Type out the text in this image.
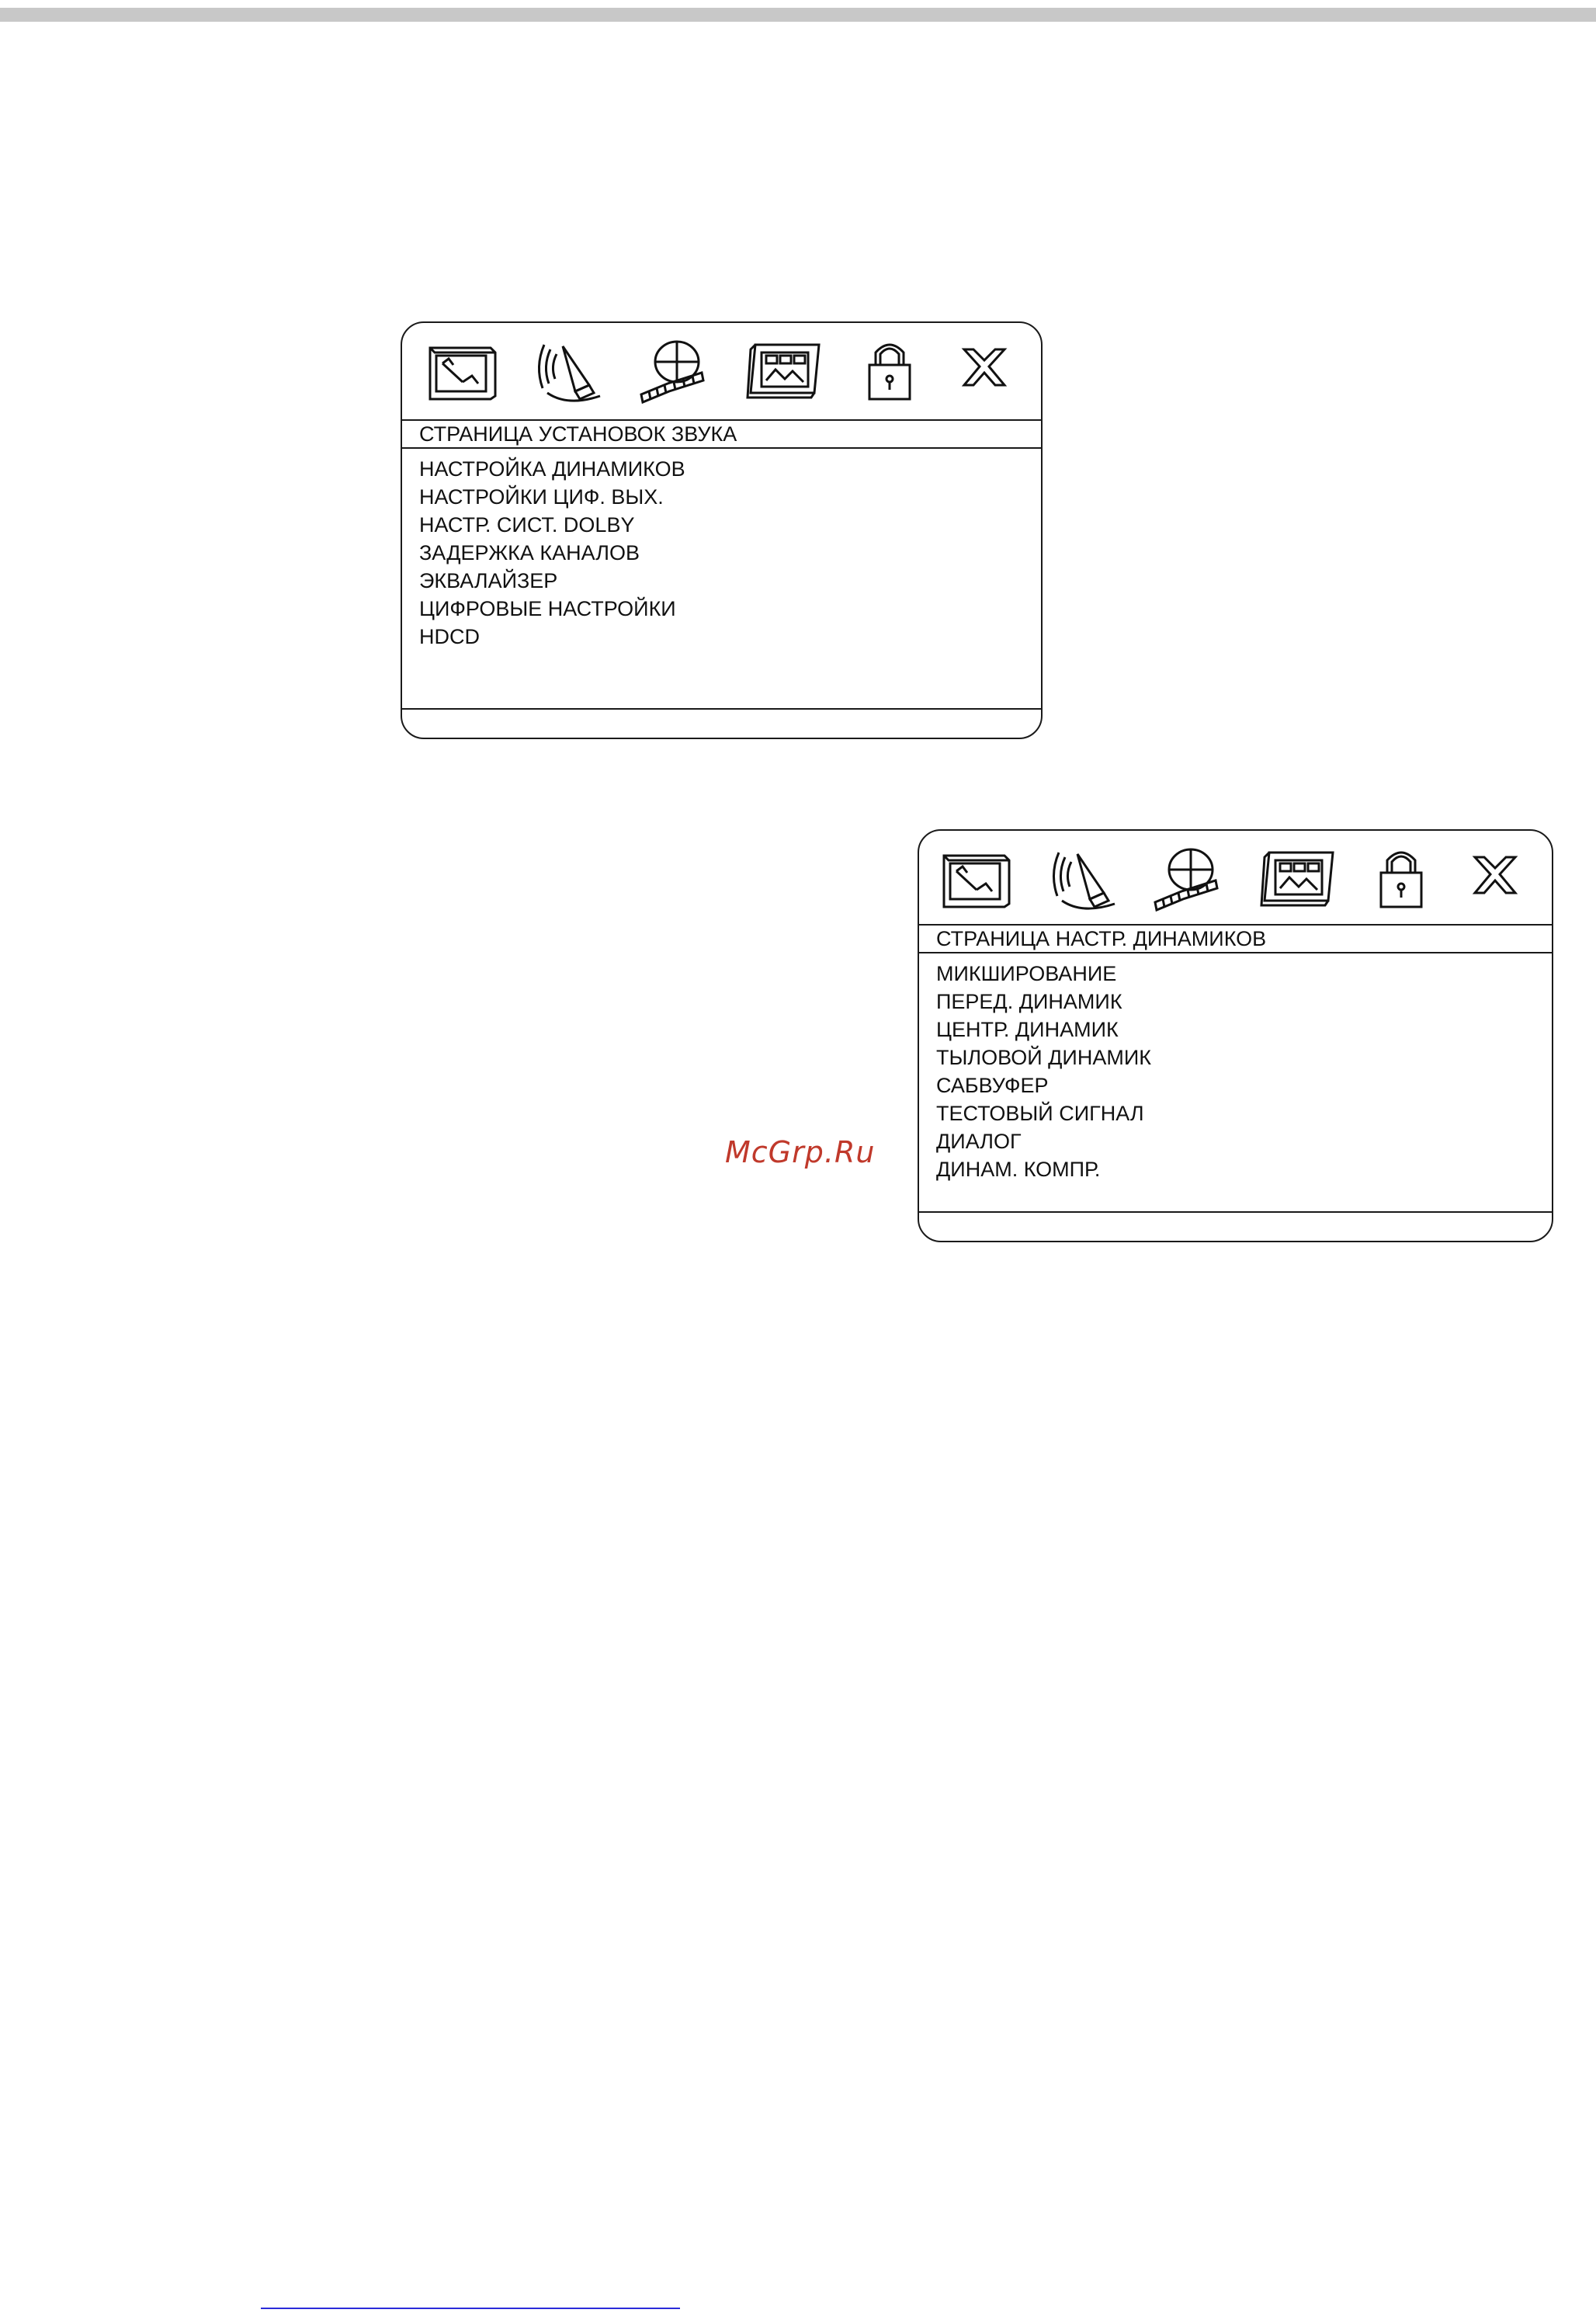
СТРАНИЦА УСТАНОВОК ЗВУКА
НАСТРОЙКА ДИНАМИКОВ
НАСТРОЙКИ ЦИФ. ВЫХ.
НАСТР. СИСТ. DOLBY
ЗАДЕРЖКА КАНАЛОВ
ЭКВАЛАЙЗЕР
ЦИФРОВЫЕ НАСТРОЙКИ
HDCD
СТРАНИЦА НАСТР. ДИНАМИКОВ
МИКШИРОВАНИЕ
ПЕРЕД. ДИНАМИК
ЦЕНТР. ДИНАМИК
ТЫЛОВОЙ ДИНАМИК
САБВУФЕР
ТЕСТОВЫЙ СИГНАЛ
ДИАЛОГ
ДИНАМ. КОМПР.
McGrp.Ru
